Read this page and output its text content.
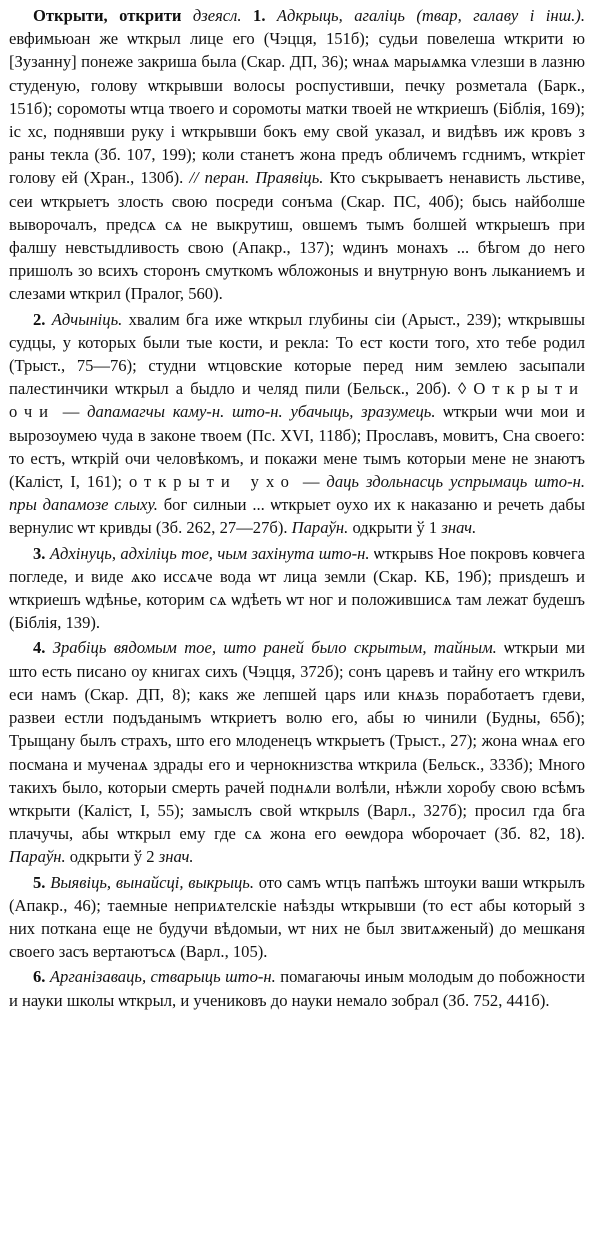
Открыти, открити дзеясл. 1. Адкрыць, агаліць (твар, галаву і інш.). евфимьюан же ѡткрыл лице его (Чэцця, 151б); судьи повелеша ѡткрити ю [Зузанну] понеже закриша была (Скар. ДП, 36); ѡнаѧ марыѧмка ѵлезши в лазню студеную, голову ѡткрывши волосы роспустивши, печку розметала (Барк., 151б); соромоты ѡтца твоего и соромоты матки твоей не ѡткриешъ (Біблія, 169); іс хс, поднявши руку і ѡткрывши бокъ ему свой указал, и видѣвъ иж кровъ з раны текла (Зб. 107, 199); коли станетъ жона предъ обличемъ гсднимъ, ѡткріет голову ей (Хран., 130б). // перан. Праявіць. Кто съкрываетъ ненависть льстиве, сеи ѡткрыетъ злость свою посреди сонъма (Скар. ПС, 40б); бысь найболше выворочалъ, предсѧ сѧ не выкрутиш, овшемъ тымъ болшей ѡткрыешъ при фалшу невстыдливость свою (Апакр., 137); ѡдинъ монахъ ... бѣгом до него пришолъ зо всихъ сторонъ смуткомъ ѡбложоныѕ и внутрную вонъ лыканиемъ и слезами ѡткрил (Пралог, 560).

2. Адчыніць. хвалим бга иже ѡткрыл глубины сіи (Арыст., 239); ѡткрывшы судцы, у которых были тые кости, и рекла: То ест кости того, хто тебе родил (Трыст., 75—76); студни ѡтцовские которые перед ним землею засыпали палестинчики ѡткрыл а быдло и челяд пили (Бельск., 20б). ◊ Открыти очи — дапамагчы каму-н. што-н. убачыць, зразумець. ѡткрыи ѡчи мои и вырозоумею чуда в законе твоем (Пс. XVI, 118б); Прославъ, мовитъ, Сна своего: то естъ, ѡткрій очи человѣкомъ, и покажи мене тымъ которыи мене не знаютъ (Каліст, I, 161); открыти ухо — даць здольнасць успрымаць што-н. пры дапамозе слыху. бог силныи ... ѡткрыет оухо их к наказаню и речеть дабы вернулис ѡт кривды (Зб. 262, 27—27б). Параўн. одкрыти ў 1 знач.

3. Адхінуць, адхіліць тое, чым захінута што-н. ѡткрывѕ Ное покровъ ковчега погледе, и виде ѧко иссѧче вода ѡт лица земли (Скар. КБ, 19б); приѕдешъ и ѡткриешъ ѡдѣнье, которим сѧ ѡдѣеть ѡт ног и положившисѧ там лежат будешъ (Біблія, 139).

4. Зрабіць вядомым тое, што раней было скрытым, тайным. ѡткрыи ми што есть писано оу книгах сихъ (Чэцця, 372б); сонъ царевъ и тайну его ѡткрилъ еси намъ (Скар. ДП, 8); какѕ же лепшей царѕ или кнѧзь поработаетъ гдеви, развеи естли подъданымъ ѡткриетъ волю его, абы ю чинили (Будны, 65б); Трыщану былъ страхъ, што его млоденецъ ѡткрыетъ (Трыст., 27); жона ѡнаѧ его посмана и мученаѧ здрады его и чернокнизства ѡткрила (Бельск., 333б); Много такихъ было, которыи смерть рачей поднѧли волѣли, нѣжли хоробу свою всѣмъ ѡткрыти (Каліст, I, 55); замыслъ свой ѡткрылѕ (Варл., 327б); просил гда бга плачучы, абы ѡткрыл ему где сѧ жона его ѳеѡдора ѡборочает (Зб. 82, 18). Параўн. одкрыти ў 2 знач.

5. Выявіць, вынайсці, выкрыць. ото самъ ѡтцъ папѣжъ штоуки ваши ѡткрылъ (Апакр., 46); таемные неприѧтелскіе наѣзды ѡткрывши (то ест абы который з них поткана еще не будучи вѣдомыи, ѡт них не был звитѧженый) до мешканя своего засъ вертаютъсѧ (Варл., 105).

6. Арганізаваць, стварыць што-н. помагаючы иным молодым до побожности и науки школы ѡткрыл, и учениковъ до науки немало зобрал (Зб. 752, 441б).
